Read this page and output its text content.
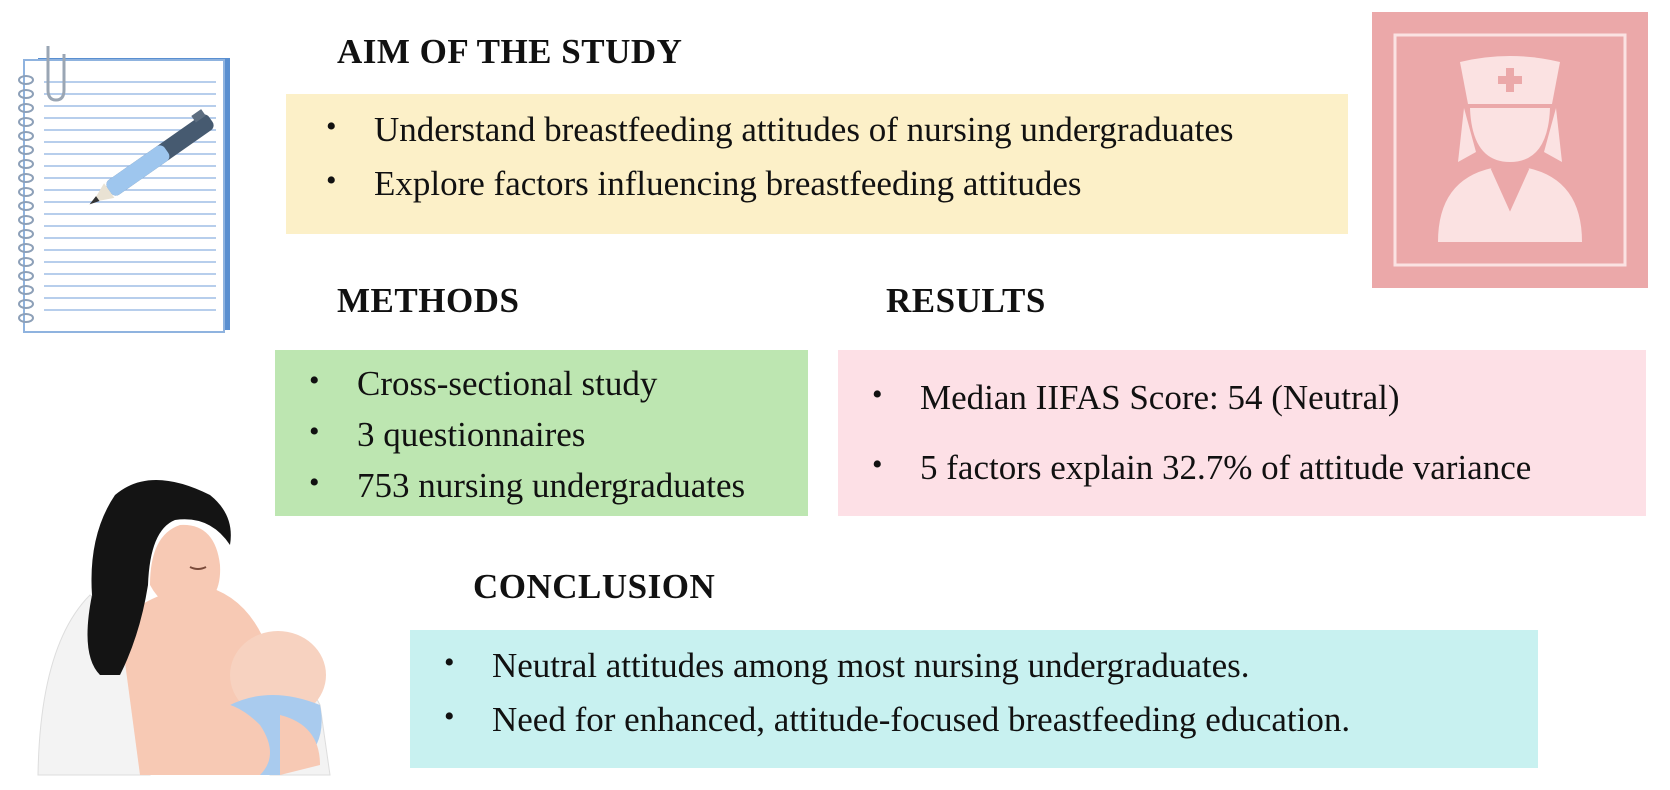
AIM OF THE STUDY
• Understand breastfeeding attitudes of nursing undergraduates
• Explore factors influencing breastfeeding attitudes
METHODS
• Cross-sectional study
• 3 questionnaires
• 753 nursing undergraduates
RESULTS
• Median IIFAS Score: 54 (Neutral)
• 5 factors explain 32.7% of attitude variance
CONCLUSION
• Neutral attitudes among most nursing undergraduates.
• Need for enhanced, attitude-focused breastfeeding education.
